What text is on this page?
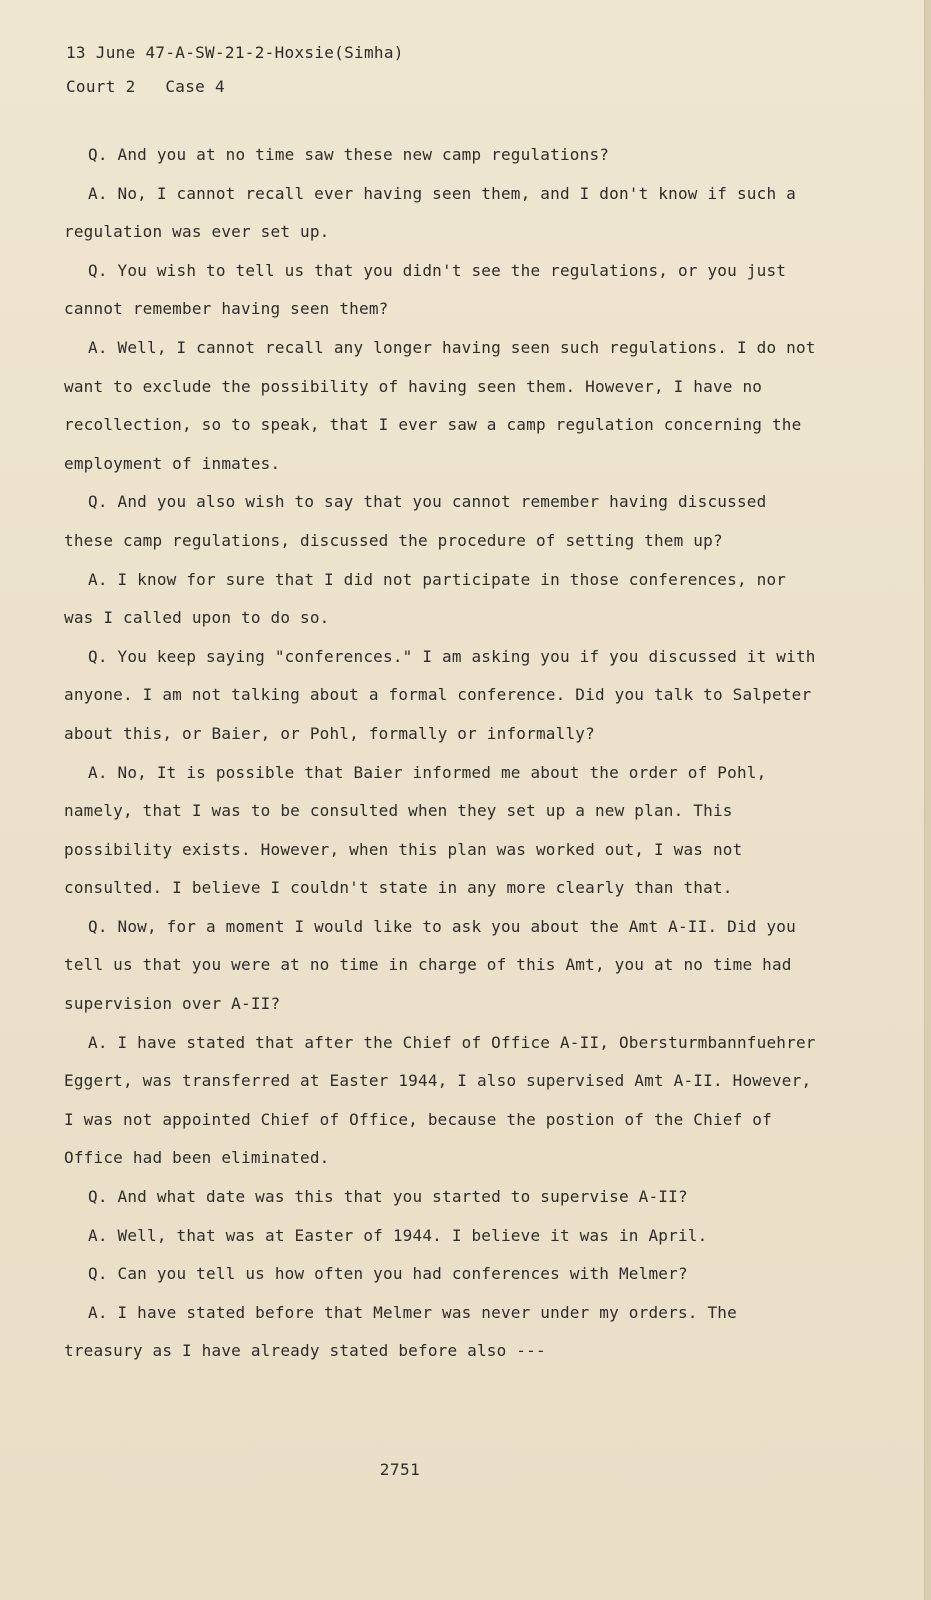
13 June 47-A-SW-21-2-Hoxsie(Simha)
Court 2   Case 4

Q. And you at no time saw these new camp regulations?

A. No, I cannot recall ever having seen them, and I don't know if such a regulation was ever set up.

Q. You wish to tell us that you didn't see the regulations, or you just cannot remember having seen them?

A. Well, I cannot recall any longer having seen such regulations. I do not want to exclude the possibility of having seen them. However, I have no recollection, so to speak, that I ever saw a camp regulation concerning the employment of inmates.

Q. And you also wish to say that you cannot remember having discussed these camp regulations, discussed the procedure of setting them up?

A. I know for sure that I did not participate in those conferences, nor was I called upon to do so.

Q. You keep saying "conferences." I am asking you if you discussed it with anyone. I am not talking about a formal conference. Did you talk to Salpeter about this, or Baier, or Pohl, formally or informally?

A. No, It is possible that Baier informed me about the order of Pohl, namely, that I was to be consulted when they set up a new plan. This possibility exists. However, when this plan was worked out, I was not consulted. I believe I couldn't state in any more clearly than that.

Q. Now, for a moment I would like to ask you about the Amt A-II. Did you tell us that you were at no time in charge of this Amt, you at no time had supervision over A-II?

A. I have stated that after the Chief of Office A-II, Obersturmbannfuehrer Eggert, was transferred at Easter 1944, I also supervised Amt A-II. However, I was not appointed Chief of Office, because the postion of the Chief of Office had been eliminated.

Q. And what date was this that you started to supervise A-II?

A. Well, that was at Easter of 1944. I believe it was in April.

Q. Can you tell us how often you had conferences with Melmer?

A. I have stated before that Melmer was never under my orders. The treasury as I have already stated before also ---

2751
